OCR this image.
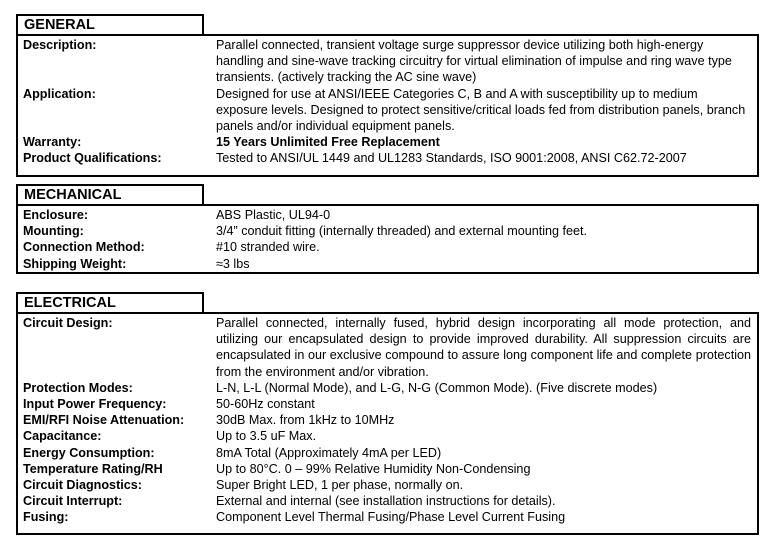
GENERAL
Description:	Parallel connected, transient voltage surge suppressor device utilizing both high-energy handling and sine-wave tracking circuitry for virtual elimination of impulse and ring wave type transients. (actively tracking the AC sine wave)
Application:	Designed for use at ANSI/IEEE Categories C, B and A with susceptibility up to medium exposure levels. Designed to protect sensitive/critical loads fed from distribution panels, branch panels and/or individual equipment panels.
Warranty:	15 Years Unlimited Free Replacement
Product Qualifications:	Tested to ANSI/UL 1449 and UL1283 Standards, ISO 9001:2008, ANSI C62.72-2007
MECHANICAL
Enclosure:	ABS Plastic, UL94-0
Mounting:	3/4” conduit fitting (internally threaded) and external mounting feet.
Connection Method:	#10 stranded wire.
Shipping Weight:	≈3 lbs
ELECTRICAL
Circuit Design:	Parallel connected, internally fused, hybrid design incorporating all mode protection, and utilizing our encapsulated design to provide improved durability. All suppression circuits are encapsulated in our exclusive compound to assure long component life and complete protection from the environment and/or vibration.
Protection Modes:	L-N, L-L (Normal Mode), and L-G, N-G (Common Mode). (Five discrete modes)
Input Power Frequency:	50-60Hz constant
EMI/RFI Noise Attenuation:	30dB Max. from 1kHz to 10MHz
Capacitance:	Up to 3.5 uF Max.
Energy Consumption:	8mA Total (Approximately 4mA per LED)
Temperature Rating/RH	Up to 80°C. 0 – 99% Relative Humidity Non-Condensing
Circuit Diagnostics:	Super Bright LED, 1 per phase, normally on.
Circuit Interrupt:	External and internal (see installation instructions for details).
Fusing:	Component Level Thermal Fusing/Phase Level Current Fusing
